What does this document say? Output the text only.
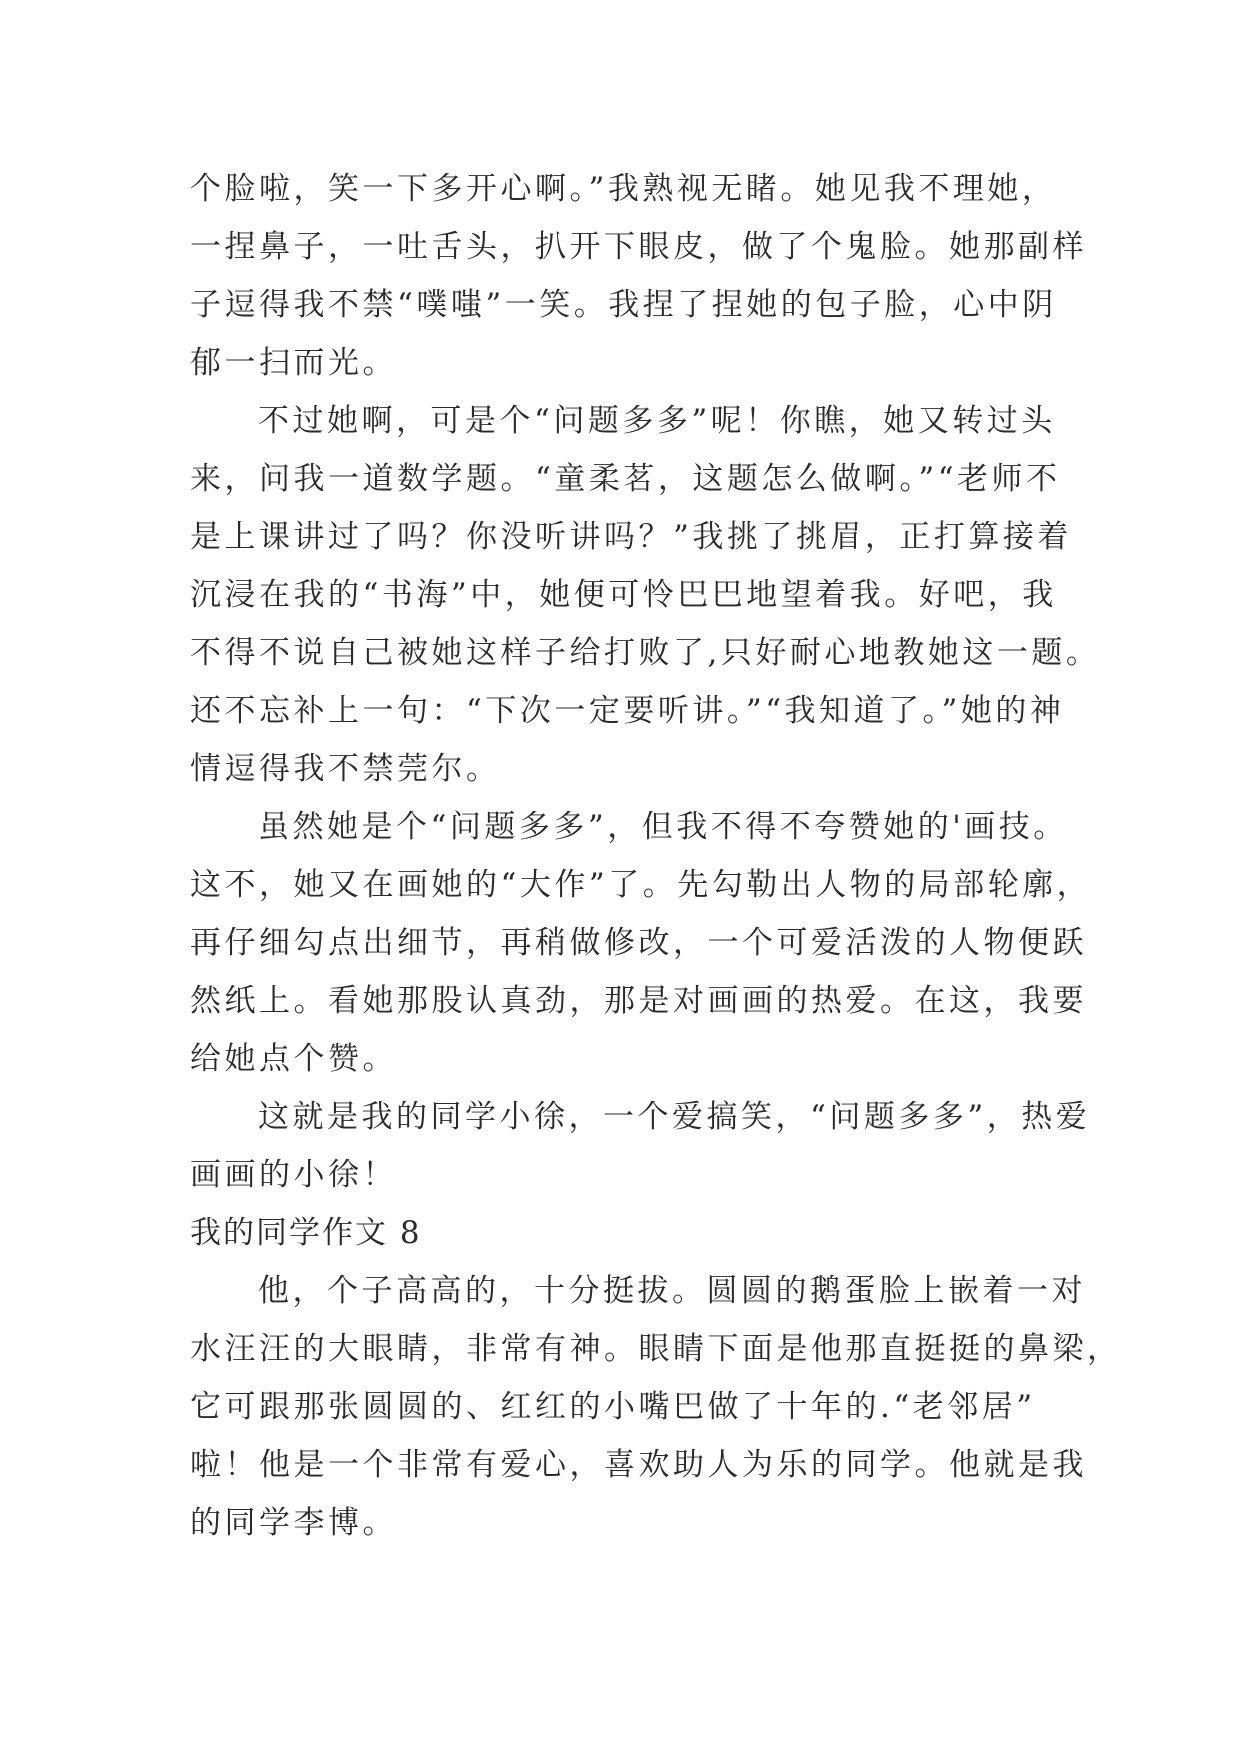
个脸啦，笑一下多开心啊。”我熟视无睹。她见我不理她，
一捏鼻子，一吐舌头，扒开下眼皮，做了个鬼脸。她那副样
子逗得我不禁“噗嗤”一笑。我捏了捏她的包子脸，心中阴
郁一扫而光。
不过她啊，可是个“问题多多”呢！你瞧，她又转过头
来，问我一道数学题。“童柔茗，这题怎么做啊。”“老师不
是上课讲过了吗？你没听讲吗？”我挑了挑眉，正打算接着
沉浸在我的“书海”中，她便可怜巴巴地望着我。好吧，我
不得不说自己被她这样子给打败了,只好耐心地教她这一题。
还不忘补上一句：“下次一定要听讲。”“我知道了。”她的神
情逗得我不禁莞尔。
虽然她是个“问题多多”，但我不得不夸赞她的'画技。
这不，她又在画她的“大作”了。先勾勒出人物的局部轮廓，
再仔细勾点出细节，再稍做修改，一个可爱活泼的人物便跃
然纸上。看她那股认真劲，那是对画画的热爱。在这，我要
给她点个赞。
这就是我的同学小徐，一个爱搞笑，“问题多多”，热爱
画画的小徐！
我的同学作文 8
他，个子高高的，十分挺拔。圆圆的鹅蛋脸上嵌着一对
水汪汪的大眼睛，非常有神。眼睛下面是他那直挺挺的鼻梁，
它可跟那张圆圆的、红红的小嘴巴做了十年的.“老邻居”
啦！他是一个非常有爱心，喜欢助人为乐的同学。他就是我
的同学李博。
